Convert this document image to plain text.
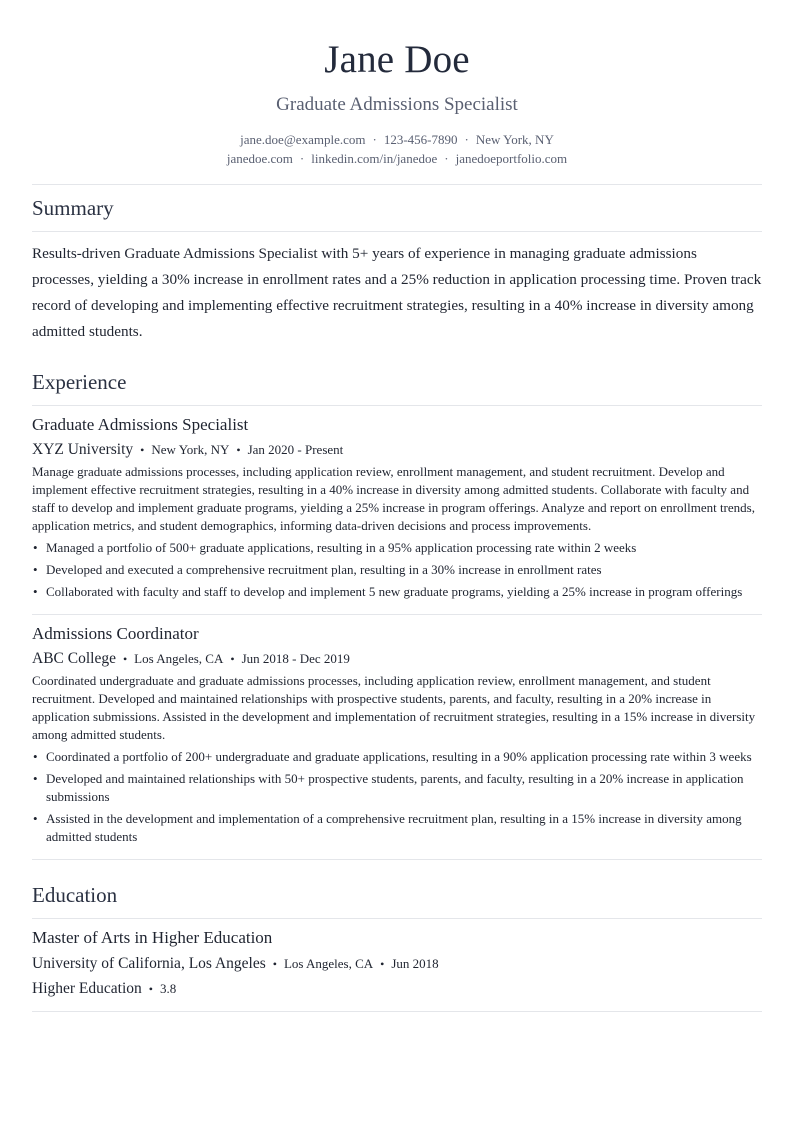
Jane Doe
Graduate Admissions Specialist
jane.doe@example.com · 123-456-7890 · New York, NY
janedoe.com · linkedin.com/in/janedoe · janedoeportfolio.com
Summary

Results-driven Graduate Admissions Specialist with 5+ years of experience in managing graduate admissions processes, yielding a 30% increase in enrollment rates and a 25% reduction in application processing time. Proven track record of developing and implementing effective recruitment strategies, resulting in a 40% increase in diversity among admitted students.

Experience
Graduate Admissions Specialist
XYZ University • New York, NY • Jan 2020 - Present

Manage graduate admissions processes, including application review, enrollment management, and student recruitment. Develop and implement effective recruitment strategies, resulting in a 40% increase in diversity among admitted students. Collaborate with faculty and staff to develop and implement graduate programs, yielding a 25% increase in program offerings. Analyze and report on enrollment trends, application metrics, and student demographics, informing data-driven decisions and process improvements.

• Managed a portfolio of 500+ graduate applications, resulting in a 95% application processing rate within 2 weeks
• Developed and executed a comprehensive recruitment plan, resulting in a 30% increase in enrollment rates
• Collaborated with faculty and staff to develop and implement 5 new graduate programs, yielding a 25% increase in program offerings
Admissions Coordinator
ABC College • Los Angeles, CA • Jun 2018 - Dec 2019

Coordinated undergraduate and graduate admissions processes, including application review, enrollment management, and student recruitment. Developed and maintained relationships with prospective students, parents, and faculty, resulting in a 20% increase in application submissions. Assisted in the development and implementation of recruitment strategies, resulting in a 15% increase in diversity among admitted students.

• Coordinated a portfolio of 200+ undergraduate and graduate applications, resulting in a 90% application processing rate within 3 weeks
• Developed and maintained relationships with 50+ prospective students, parents, and faculty, resulting in a 20% increase in application submissions
• Assisted in the development and implementation of a comprehensive recruitment plan, resulting in a 15% increase in diversity among admitted students
Education
Master of Arts in Higher Education
University of California, Los Angeles • Los Angeles, CA • Jun 2018
Higher Education • 3.8
